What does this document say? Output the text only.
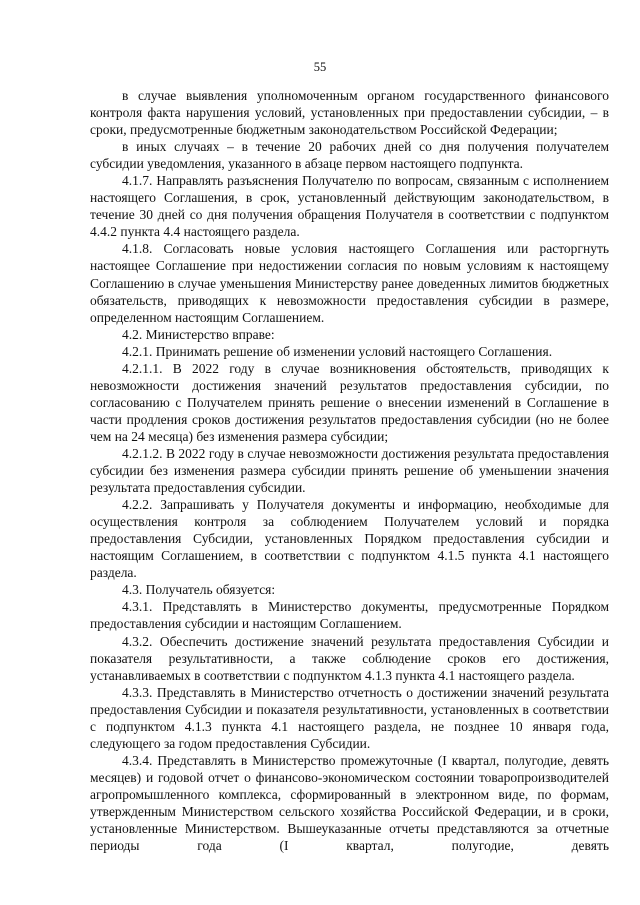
55

в случае выявления уполномоченным органом государственного финансового контроля факта нарушения условий, установленных при предоставлении субсидии, – в сроки, предусмотренные бюджетным законодательством Российской Федерации;

в иных случаях – в течение 20 рабочих дней со дня получения получателем субсидии уведомления, указанного в абзаце первом настоящего подпункта.

4.1.7. Направлять разъяснения Получателю по вопросам, связанным с исполнением настоящего Соглашения, в срок, установленный действующим законодательством, в течение 30 дней со дня получения обращения Получателя в соответствии с подпунктом 4.4.2 пункта 4.4 настоящего раздела.

4.1.8. Согласовать новые условия настоящего Соглашения или расторгнуть настоящее Соглашение при недостижении согласия по новым условиям к настоящему Соглашению в случае уменьшения Министерству ранее доведенных лимитов бюджетных обязательств, приводящих к невозможности предоставления субсидии в размере, определенном настоящим Соглашением.

4.2. Министерство вправе:

4.2.1. Принимать решение об изменении условий настоящего Соглашения.

4.2.1.1. В 2022 году в случае возникновения обстоятельств, приводящих к невозможности достижения значений результатов предоставления субсидии, по согласованию с Получателем принять решение о внесении изменений в Соглашение в части продления сроков достижения результатов предоставления субсидии (но не более чем на 24 месяца) без изменения размера субсидии;

4.2.1.2. В 2022 году в случае невозможности достижения результата предоставления субсидии без изменения размера субсидии принять решение об уменьшении значения результата предоставления субсидии.

4.2.2. Запрашивать у Получателя документы и информацию, необходимые для осуществления контроля за соблюдением Получателем условий и порядка предоставления Субсидии, установленных Порядком предоставления субсидии и настоящим Соглашением, в соответствии с подпунктом 4.1.5 пункта 4.1 настоящего раздела.

4.3. Получатель обязуется:

4.3.1. Представлять в Министерство документы, предусмотренные Порядком предоставления субсидии и настоящим Соглашением.

4.3.2. Обеспечить достижение значений результата предоставления Субсидии и показателя результативности, а также соблюдение сроков его достижения, устанавливаемых в соответствии с подпунктом 4.1.3 пункта 4.1 настоящего раздела.

4.3.3. Представлять в Министерство отчетность о достижении значений результата предоставления Субсидии и показателя результативности, установленных в соответствии с подпунктом 4.1.3 пункта 4.1 настоящего раздела, не позднее 10 января года, следующего за годом предоставления Субсидии.

4.3.4. Представлять в Министерство промежуточные (I квартал, полугодие, девять месяцев) и годовой отчет о финансово-экономическом состоянии товаропроизводителей агропромышленного комплекса, сформированный в электронном виде, по формам, утвержденным Министерством сельского хозяйства Российской Федерации, и в сроки, установленные Министерством. Вышеуказанные отчеты представляются за отчетные периоды года (I квартал, полугодие, девять
